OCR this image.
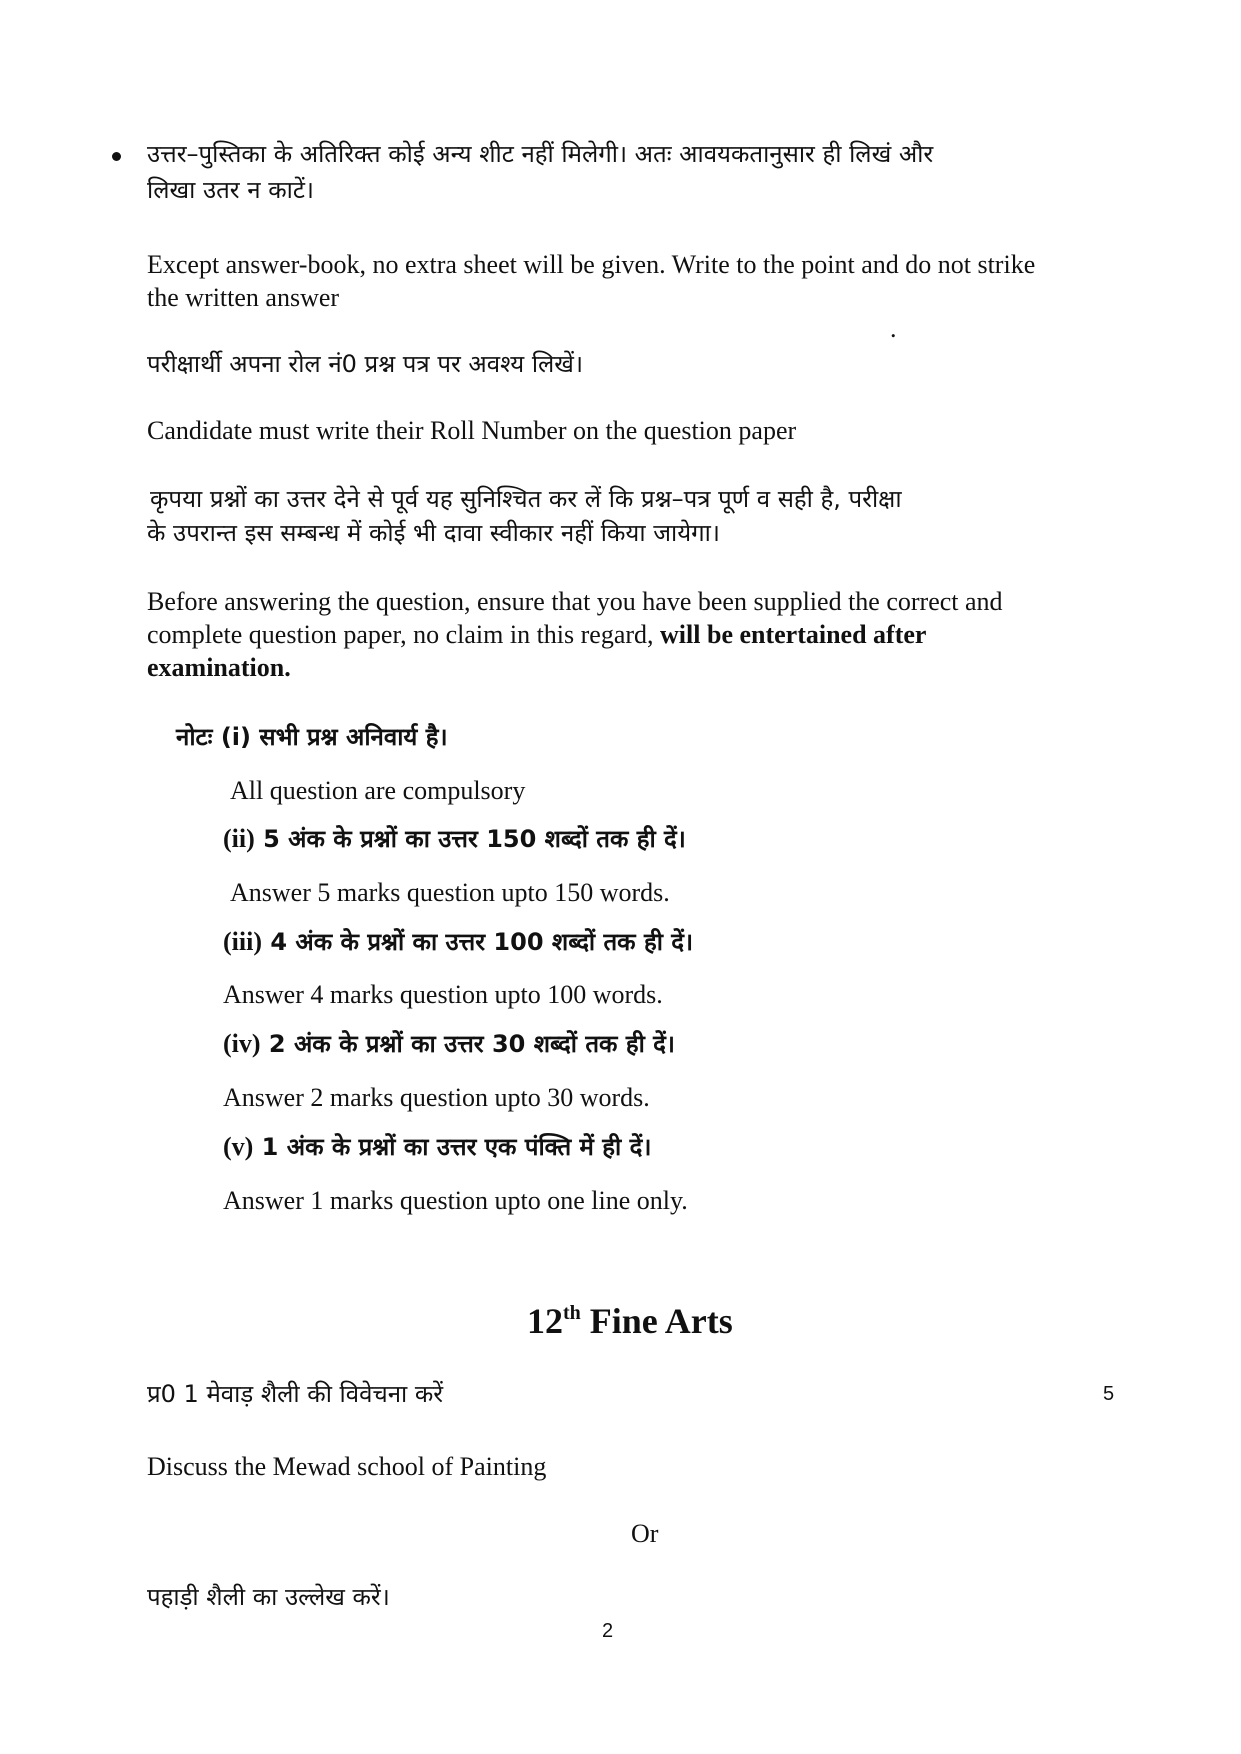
उत्तर–पुस्तिका के अतिरिक्त कोई अन्य शीट नहीं मिलेगी। अतः आवयकतानुसार ही लिखं और
लिखा उतर न काटें।
Except answer-book, no extra sheet will be given. Write to the point and do not strike
the written answer
.
परीक्षार्थी अपना रोल नं0 प्रश्न पत्र पर अवश्य लिखें।
Candidate must write their Roll Number on the question paper
कृपया प्रश्नों का उत्तर देने से पूर्व यह सुनिश्चित कर लें कि प्रश्न–पत्र पूर्ण व सही है, परीक्षा
के उपरान्त इस सम्बन्ध में कोई भी दावा स्वीकार नहीं किया जायेगा।
Before answering the question, ensure that you have been supplied the correct and
complete question paper, no claim in this regard, will be entertained after
examination.
नोटः (i) सभी प्रश्न अनिवार्य है।
All question are compulsory
(ii) 5 अंक के प्रश्नों का उत्तर 150 शब्दों तक ही दें।
Answer 5 marks question upto 150 words.
(iii) 4 अंक के प्रश्नों का उत्तर 100 शब्दों तक ही दें।
Answer 4 marks question upto 100 words.
(iv) 2 अंक के प्रश्नों का उत्तर 30 शब्दों तक ही दें।
Answer 2 marks question upto 30 words.
(v) 1 अंक के प्रश्नों का उत्तर एक पंक्ति में ही दें।
Answer 1 marks question upto one line only.
12th Fine Arts
प्र0 1 मेवाड़ शैली की विवेचना करें	5
Discuss the Mewad school of Painting
Or
पहाड़ी शैली का उल्लेख करें।
2
